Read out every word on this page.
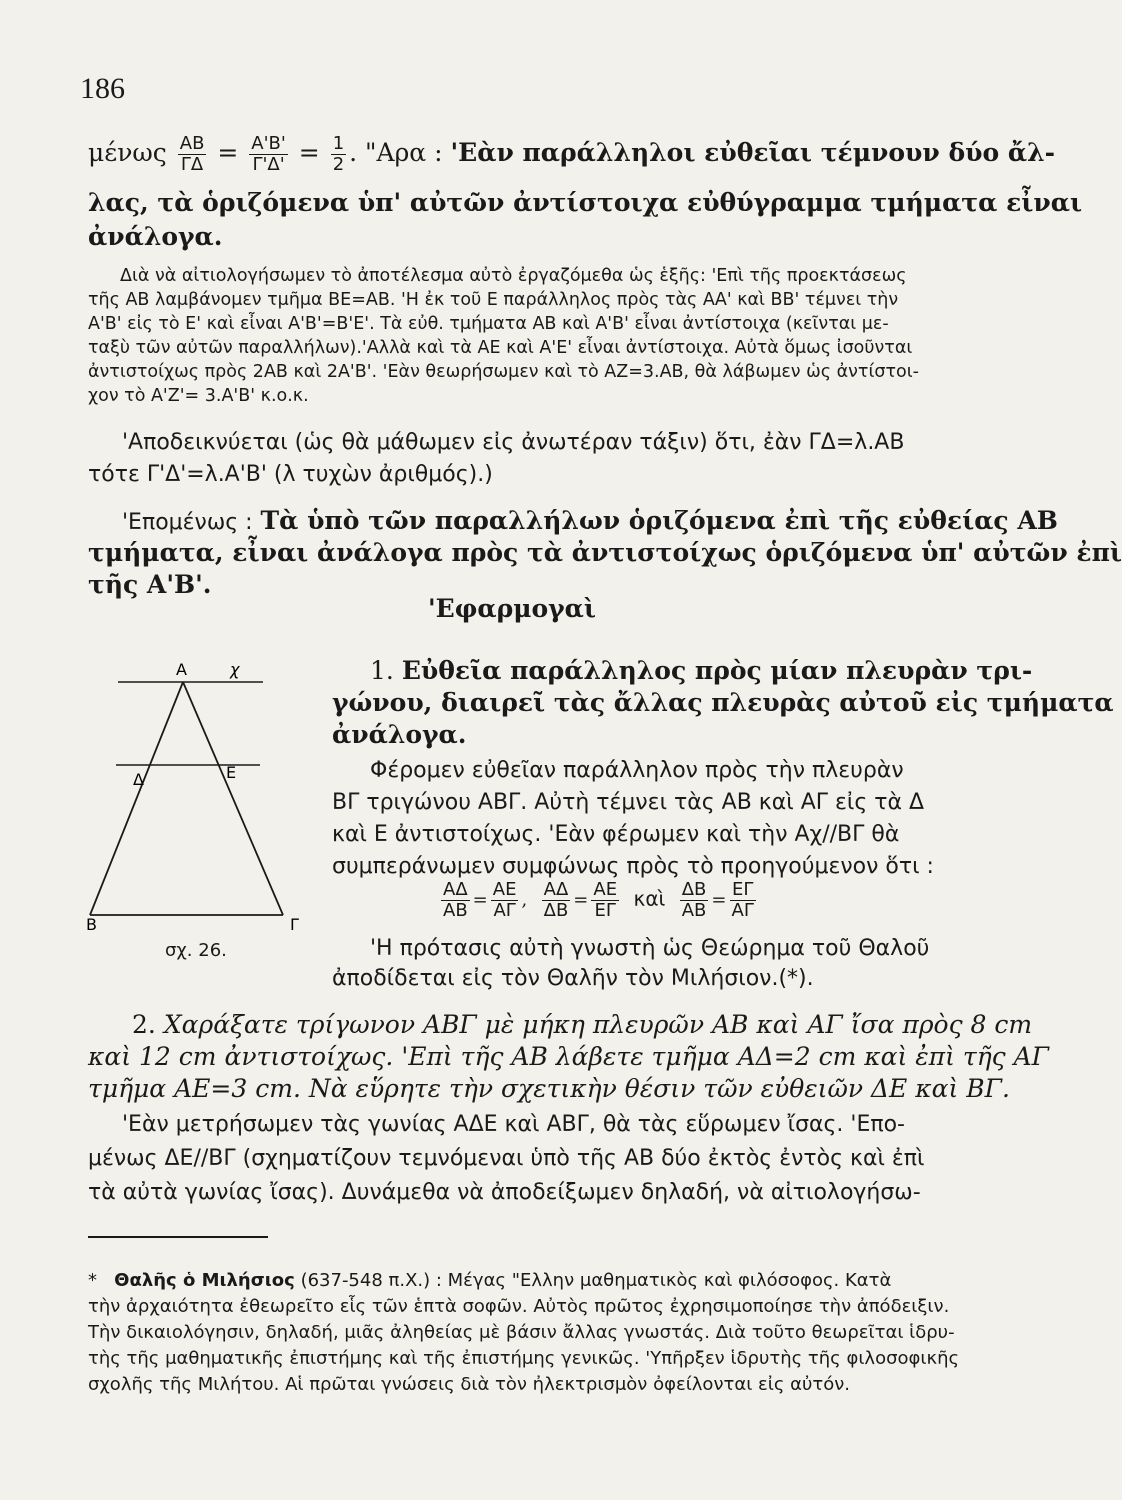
186
μένως $\frac{AB}{\Gamma\Delta} = \frac{A'B'}{\Gamma'\Delta'} = \frac{1}{2}$ . "Αρα : 'Εὰν παράλληλοι εὐθεῖαι τέμνουν δύο ἄλ-
λας, τὰ ὁριζόμενα ὑπ' αὐτῶν ἀντίστοιχα εὐθύγραμμα τμήματα εἶναι
ἀνάλογα.
Διὰ νὰ αἰτιολογήσωμεν τὸ ἀποτέλεσμα αὐτὸ ἐργαζόμεθα ὡς ἑξῆς: 'Επὶ τῆς προεκτάσεως
τῆς ΑΒ λαμβάνομεν τμῆμα ΒΕ=ΑΒ. 'Η ἐκ τοῦ Ε παράλληλος πρὸς τὰς ΑΑ' καὶ ΒΒ' τέμνει τὴν
Α'Β' εἰς τὸ Ε' καὶ εἶναι Α'Β'=Β'Ε'. Τὰ εὐθ. τμήματα ΑΒ καὶ Α'Β' εἶναι ἀντίστοιχα (κεῖνται με-
ταξὺ τῶν αὐτῶν παραλλήλων).'Αλλὰ καὶ τὰ ΑΕ καὶ Α'Ε' εἶναι ἀντίστοιχα. Αὐτὰ ὅμως ἰσοῦνται
ἀντιστοίχως πρὸς 2ΑΒ καὶ 2Α'Β'. 'Εὰν θεωρήσωμεν καὶ τὸ ΑΖ=3.ΑΒ, θὰ λάβωμεν ὡς ἀντίστοι-
χον τὸ Α'Ζ'= 3.Α'Β' κ.ο.κ.
'Αποδεικνύεται (ὡς θὰ μάθωμεν εἰς ἀνωτέραν τάξιν) ὅτι, ἐὰν ΓΔ=λ.ΑΒ
τότε Γ'Δ'=λ.Α'Β' (λ τυχὼν ἀριθμός).)
'Επομένως : Τὰ ὑπὸ τῶν παραλλήλων ὁριζόμενα ἐπὶ τῆς εὐθείας ΑΒ
τμήματα, εἶναι ἀνάλογα πρὸς τὰ ἀντιστοίχως ὁριζόμενα ὑπ' αὐτῶν ἐπὶ
τῆς Α'Β'.
'Εφαρμογαὶ
Α	χ
Δ	Ε
Β	Γ
σχ. 26.
1. Εὐθεῖα παράλληλος πρὸς μίαν πλευρὰν τρι-
γώνου, διαιρεῖ τὰς ἄλλας πλευρὰς αὐτοῦ εἰς τμήματα
ἀνάλογα.
Φέρομεν εὐθεῖαν παράλληλον πρὸς τὴν πλευρὰν
ΒΓ τριγώνου ΑΒΓ. Αὐτὴ τέμνει τὰς ΑΒ καὶ ΑΓ εἰς τὰ Δ
καὶ Ε ἀντιστοίχως. 'Εὰν φέρωμεν καὶ τὴν Αχ//ΒΓ θὰ
συμπεράνωμεν συμφώνως πρὸς τὸ προηγούμενον ὅτι :
$\frac{A\Delta}{AB} = \frac{AE}{A\Gamma}$ , $\frac{A\Delta}{\Delta B} = \frac{AE}{E\Gamma}$ καὶ $\frac{\Delta B}{AB} = \frac{E\Gamma}{A\Gamma}$
'Η πρότασις αὐτὴ γνωστὴ ὡς Θεώρημα τοῦ Θαλοῦ
ἀποδίδεται εἰς τὸν Θαλῆν τὸν Μιλήσιον.(*).
2. Χαράξατε τρίγωνον ΑΒΓ μὲ μήκη πλευρῶν ΑΒ καὶ ΑΓ ἴσα πρὸς 8 cm
καὶ 12 cm ἀντιστοίχως. 'Επὶ τῆς ΑΒ λάβετε τμῆμα ΑΔ=2 cm καὶ ἐπὶ τῆς ΑΓ
τμῆμα ΑΕ=3 cm. Νὰ εὕρητε τὴν σχετικὴν θέσιν τῶν εὐθειῶν ΔΕ καὶ ΒΓ.
'Εὰν μετρήσωμεν τὰς γωνίας ΑΔΕ καὶ ΑΒΓ, θὰ τὰς εὕρωμεν ἴσας. 'Επο-
μένως ΔΕ//ΒΓ (σχηματίζουν τεμνόμεναι ὑπὸ τῆς ΑΒ δύο ἐκτὸς ἐντὸς καὶ ἐπὶ
τὰ αὐτὰ γωνίας ἴσας). Δυνάμεθα νὰ ἀποδείξωμεν δηλαδή, νὰ αἰτιολογήσω-
* Θαλῆς ὁ Μιλήσιος (637-548 π.Χ.) : Μέγας "Ελλην μαθηματικὸς καὶ φιλόσοφος. Κατὰ
τὴν ἀρχαιότητα ἐθεωρεῖτο εἷς τῶν ἑπτὰ σοφῶν. Αὐτὸς πρῶτος ἐχρησιμοποίησε τὴν ἀπόδειξιν.
Τὴν δικαιολόγησιν, δηλαδή, μιᾶς ἀληθείας μὲ βάσιν ἄλλας γνωστάς. Διὰ τοῦτο θεωρεῖται ἱδρυ-
τὴς τῆς μαθηματικῆς ἐπιστήμης καὶ τῆς ἐπιστήμης γενικῶς. 'Υπῆρξεν ἱδρυτὴς τῆς φιλοσοφικῆς
σχολῆς τῆς Μιλήτου. Αἱ πρῶται γνώσεις διὰ τὸν ἠλεκτρισμὸν ὀφείλονται εἰς αὐτόν.
